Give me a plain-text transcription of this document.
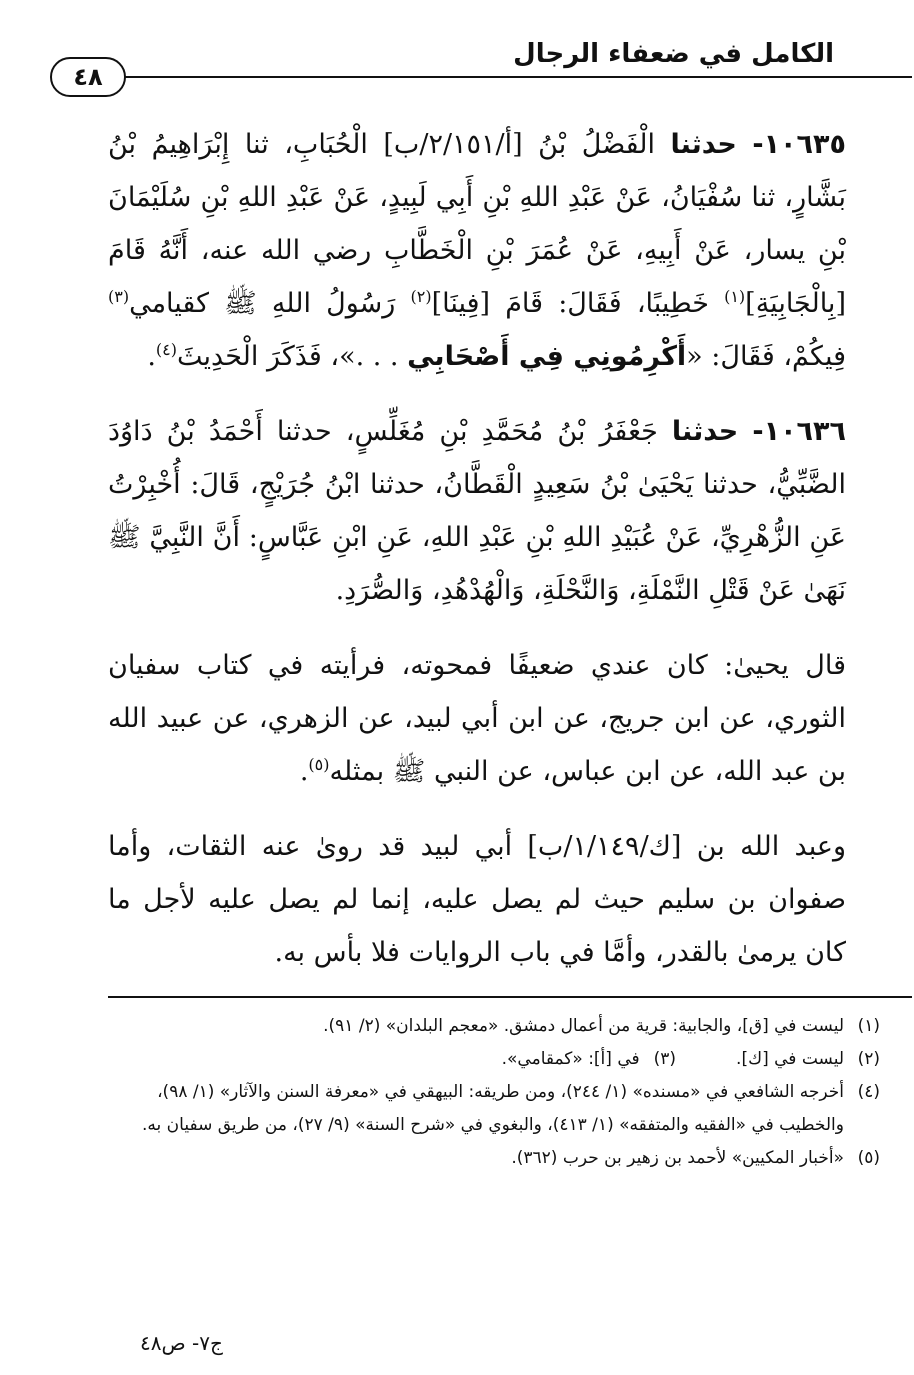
الكامل في ضعفاء الرجال
٤٨

١٠٦٣٥- حدثنا الْفَضْلُ بْنُ [أ/٢/١٥١/ب] الْحُبَابِ، ثنا إِبْرَاهِيمُ بْنُ بَشَّارٍ، ثنا سُفْيَانُ، عَنْ عَبْدِ اللهِ بْنِ أَبِي لَبِيدٍ، عَنْ عَبْدِ اللهِ بْنِ سُلَيْمَانَ بْنِ يسار، عَنْ أَبِيهِ، عَنْ عُمَرَ بْنِ الْخَطَّابِ رضي الله عنه، أَنَّهُ قَامَ [بِالْجَابِيَةِ]$^{(١)}$ خَطِيبًا، فَقَالَ: قَامَ [فِينَا]$^{(٢)}$ رَسُولُ اللهِ ﷺ كقيامي$^{(٣)}$ فِيكُمْ، فَقَالَ: «أَكْرِمُونِي فِي أَصْحَابِي . . .»، فَذَكَرَ الْحَدِيثَ$^{(٤)}$.

١٠٦٣٦- حدثنا جَعْفَرُ بْنُ مُحَمَّدِ بْنِ مُغَلِّسٍ، حدثنا أَحْمَدُ بْنُ دَاوُدَ الضَّبِّيُّ، حدثنا يَحْيَىٰ بْنُ سَعِيدٍ الْقَطَّانُ، حدثنا ابْنُ جُرَيْجٍ، قَالَ: أُخْبِرْتُ عَنِ الزُّهْرِيِّ، عَنْ عُبَيْدِ اللهِ بْنِ عَبْدِ اللهِ، عَنِ ابْنِ عَبَّاسٍ: أَنَّ النَّبِيَّ ﷺ نَهَىٰ عَنْ قَتْلِ النَّمْلَةِ، وَالنَّحْلَةِ، وَالْهُدْهُدِ، وَالصُّرَدِ.

قال يحيىٰ: كان عندي ضعيفًا فمحوته، فرأيته في كتاب سفيان الثوري، عن ابن جريج، عن ابن أبي لبيد، عن الزهري، عن عبيد الله بن عبد الله، عن ابن عباس، عن النبي ﷺ بمثله$^{(٥)}$.

وعبد الله بن [ك/١/١٤٩/ب] أبي لبيد قد روىٰ عنه الثقات، وأما صفوان بن سليم حيث لم يصل عليه، إنما لم يصل عليه لأجل ما كان يرمىٰ بالقدر، وأمَّا في باب الروايات فلا بأس به.

(١)
ليست في [ق]، والجابية: قرية من أعمال دمشق. «معجم البلدان» (٢/ ٩١).

(٢)
ليست في [ك].(٣)في [أ]: «كمقامي».

(٤)
أخرجه الشافعي في «مسنده» (١/ ٢٤٤)، ومن طريقه: البيهقي في «معرفة السنن والآثار» (١/ ٩٨)، والخطيب في «الفقيه والمتفقه» (١/ ٤١٣)، والبغوي في «شرح السنة» (٩/ ٢٧)، من طريق سفيان به.

(٥)
«أخبار المكيين» لأحمد بن زهير بن حرب (٣٦٢).

ج٧- ص٤٨
